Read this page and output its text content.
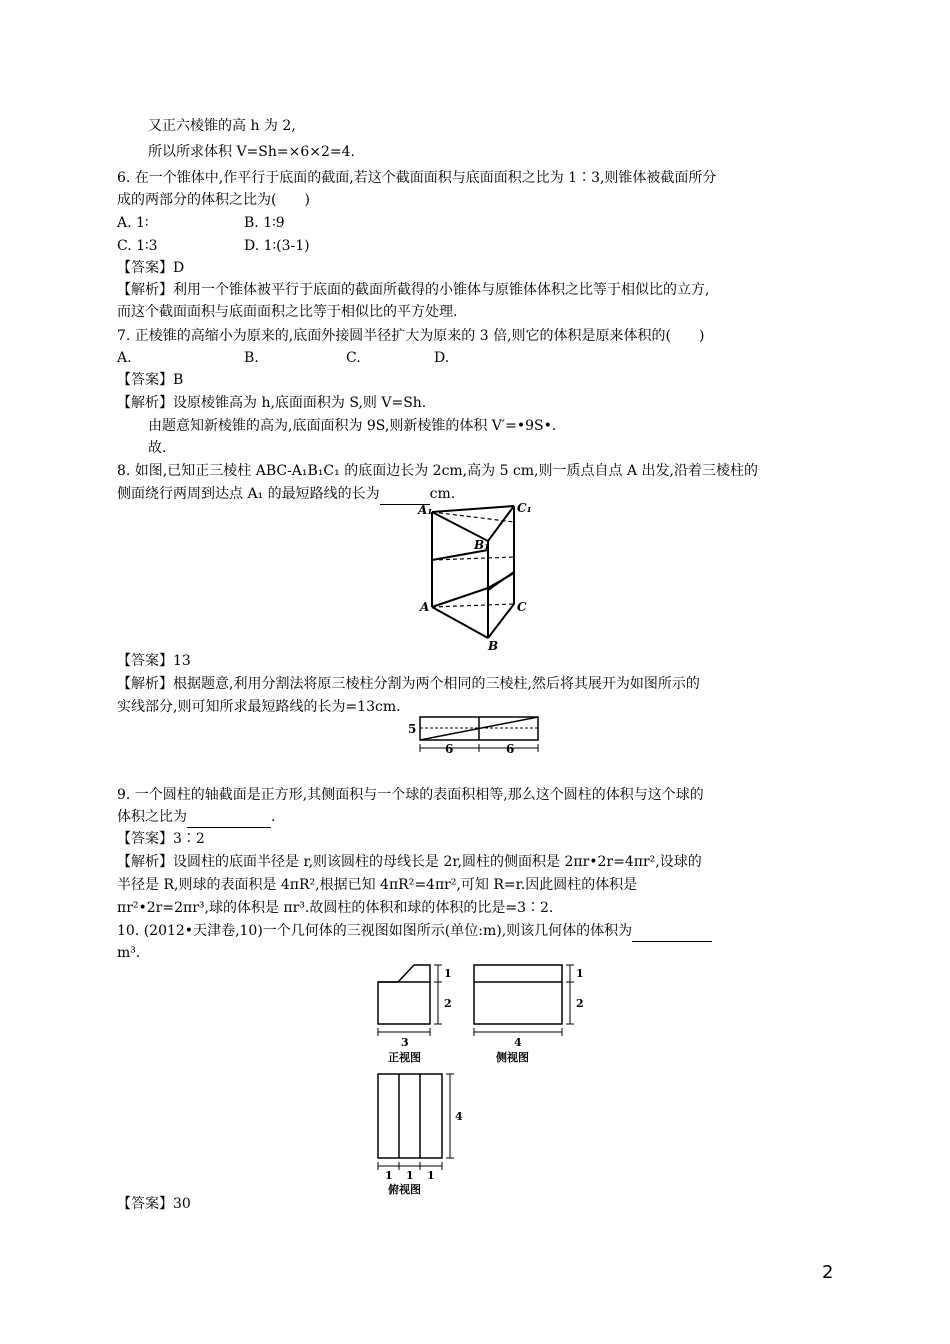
又正六棱锥的高 h 为 2,
所以所求体积 V=Sh=×6×2=4.
6. 在一个锥体中,作平行于底面的截面,若这个截面面积与底面面积之比为 1∶3,则锥体被截面所分
成的两部分的体积之比为(　　)
A. 1∶	B. 1∶9
C. 1∶3	D. 1∶(3-1)
【答案】D
【解析】利用一个锥体被平行于底面的截面所截得的小锥体与原锥体体积之比等于相似比的立方,
而这个截面面积与底面面积之比等于相似比的平方处理.
7. 正棱锥的高缩小为原来的,底面外接圆半径扩大为原来的 3 倍,则它的体积是原来体积的(　　)
A.	B.	C.	D.
【答案】B
【解析】设原棱锥高为 h,底面面积为 S,则 V=Sh.
由题意知新棱锥的高为,底面面积为 9S,则新棱锥的体积 V′=•9S•.
故.
8. 如图,已知正三棱柱 ABC-A₁B₁C₁ 的底面边长为 2cm,高为 5 cm,则一质点自点 A 出发,沿着三棱柱的
侧面绕行两周到达点 A₁ 的最短路线的长为	cm.
A₁	C₁
B₁
A	C
B
【答案】13
【解析】根据题意,利用分割法将原三棱柱分割为两个相同的三棱柱,然后将其展开为如图所示的
实线部分,则可知所求最短路线的长为=13cm.
5
6	6
9. 一个圆柱的轴截面是正方形,其侧面积与一个球的表面积相等,那么这个圆柱的体积与这个球的
体积之比为	.
【答案】3∶2
【解析】设圆柱的底面半径是 r,则该圆柱的母线长是 2r,圆柱的侧面积是 2πr•2r=4πr²,设球的
半径是 R,则球的表面积是 4πR²,根据已知 4πR²=4πr²,可知 R=r.因此圆柱的体积是
πr²•2r=2πr³,球的体积是 πr³.故圆柱的体积和球的体积的比是=3∶2.
10. (2012•天津卷,10)一个几何体的三视图如图所示(单位:m),则该几何体的体积为
m³.
1
2
3
正视图
1
2
4
侧视图
4
1 1 1
俯视图
【答案】30
2
